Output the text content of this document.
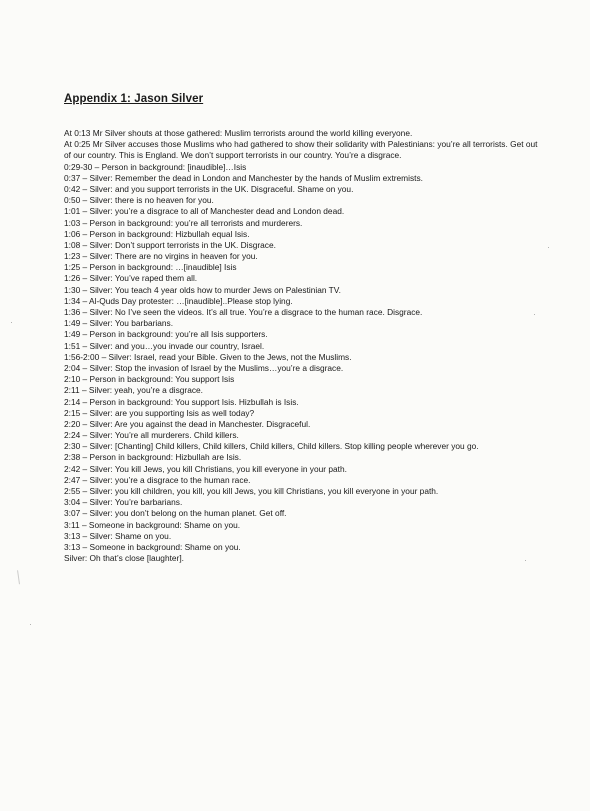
Appendix 1: Jason Silver
At 0:13 Mr Silver shouts at those gathered: Muslim terrorists around the world killing everyone.
At 0:25 Mr Silver accuses those Muslims who had gathered to show their solidarity with Palestinians: you’re all terrorists. Get out of our country. This is England. We don’t support terrorists in our country. You’re a disgrace.
0:29-30 – Person in background: [inaudible]…Isis
0:37 – Silver: Remember the dead in London and Manchester by the hands of Muslim extremists.
0:42 – Silver: and you support terrorists in the UK. Disgraceful. Shame on you.
0:50 – Silver: there is no heaven for you.
1:01 – Silver: you’re a disgrace to all of Manchester dead and London dead.
1:03 – Person in background: you’re all terrorists and murderers.
1:06 – Person in background: Hizbullah equal Isis.
1:08 – Silver: Don’t support terrorists in the UK. Disgrace.
1:23 – Silver: There are no virgins in heaven for you.
1:25 – Person in background: …[inaudible] Isis
1:26 – Silver: You’ve raped them all.
1:30 – Silver: You teach 4 year olds how to murder Jews on Palestinian TV.
1:34 – Al-Quds Day protester: …[inaudible]..Please stop lying.
1:36 – Silver: No I’ve seen the videos. It’s all true. You’re a disgrace to the human race. Disgrace.
1:49 – Silver: You barbarians.
1:49 – Person in background: you’re all Isis supporters.
1:51 – Silver: and you…you invade our country, Israel.
1:56-2:00 – Silver: Israel, read your Bible. Given to the Jews, not the Muslims.
2:04 – Silver: Stop the invasion of Israel by the Muslims…you’re a disgrace.
2:10 – Person in background: You support Isis
2:11 – Silver: yeah, you’re a disgrace.
2:14 – Person in background: You support Isis. Hizbullah is Isis.
2:15 – Silver: are you supporting Isis as well today?
2:20 – Silver: Are you against the dead in Manchester. Disgraceful.
2:24 – Silver: You’re all murderers. Child killers.
2:30 – Silver: [Chanting] Child killers, Child killers, Child killers, Child killers. Stop killing people wherever you go.
2:38 – Person in background: Hizbullah are Isis.
2:42 – Silver: You kill Jews, you kill Christians, you kill everyone in your path.
2:47 – Silver: you’re a disgrace to the human race.
2:55 – Silver: you kill children, you kill, you kill Jews, you kill Christians, you kill everyone in your path.
3:04 – Silver: You’re barbarians.
3:07 – Silver: you don’t belong on the human planet. Get off.
3:11 – Someone in background: Shame on you.
3:13 – Silver: Shame on you.
3:13 – Someone in background: Shame on you.
Silver: Oh that’s close [laughter].
